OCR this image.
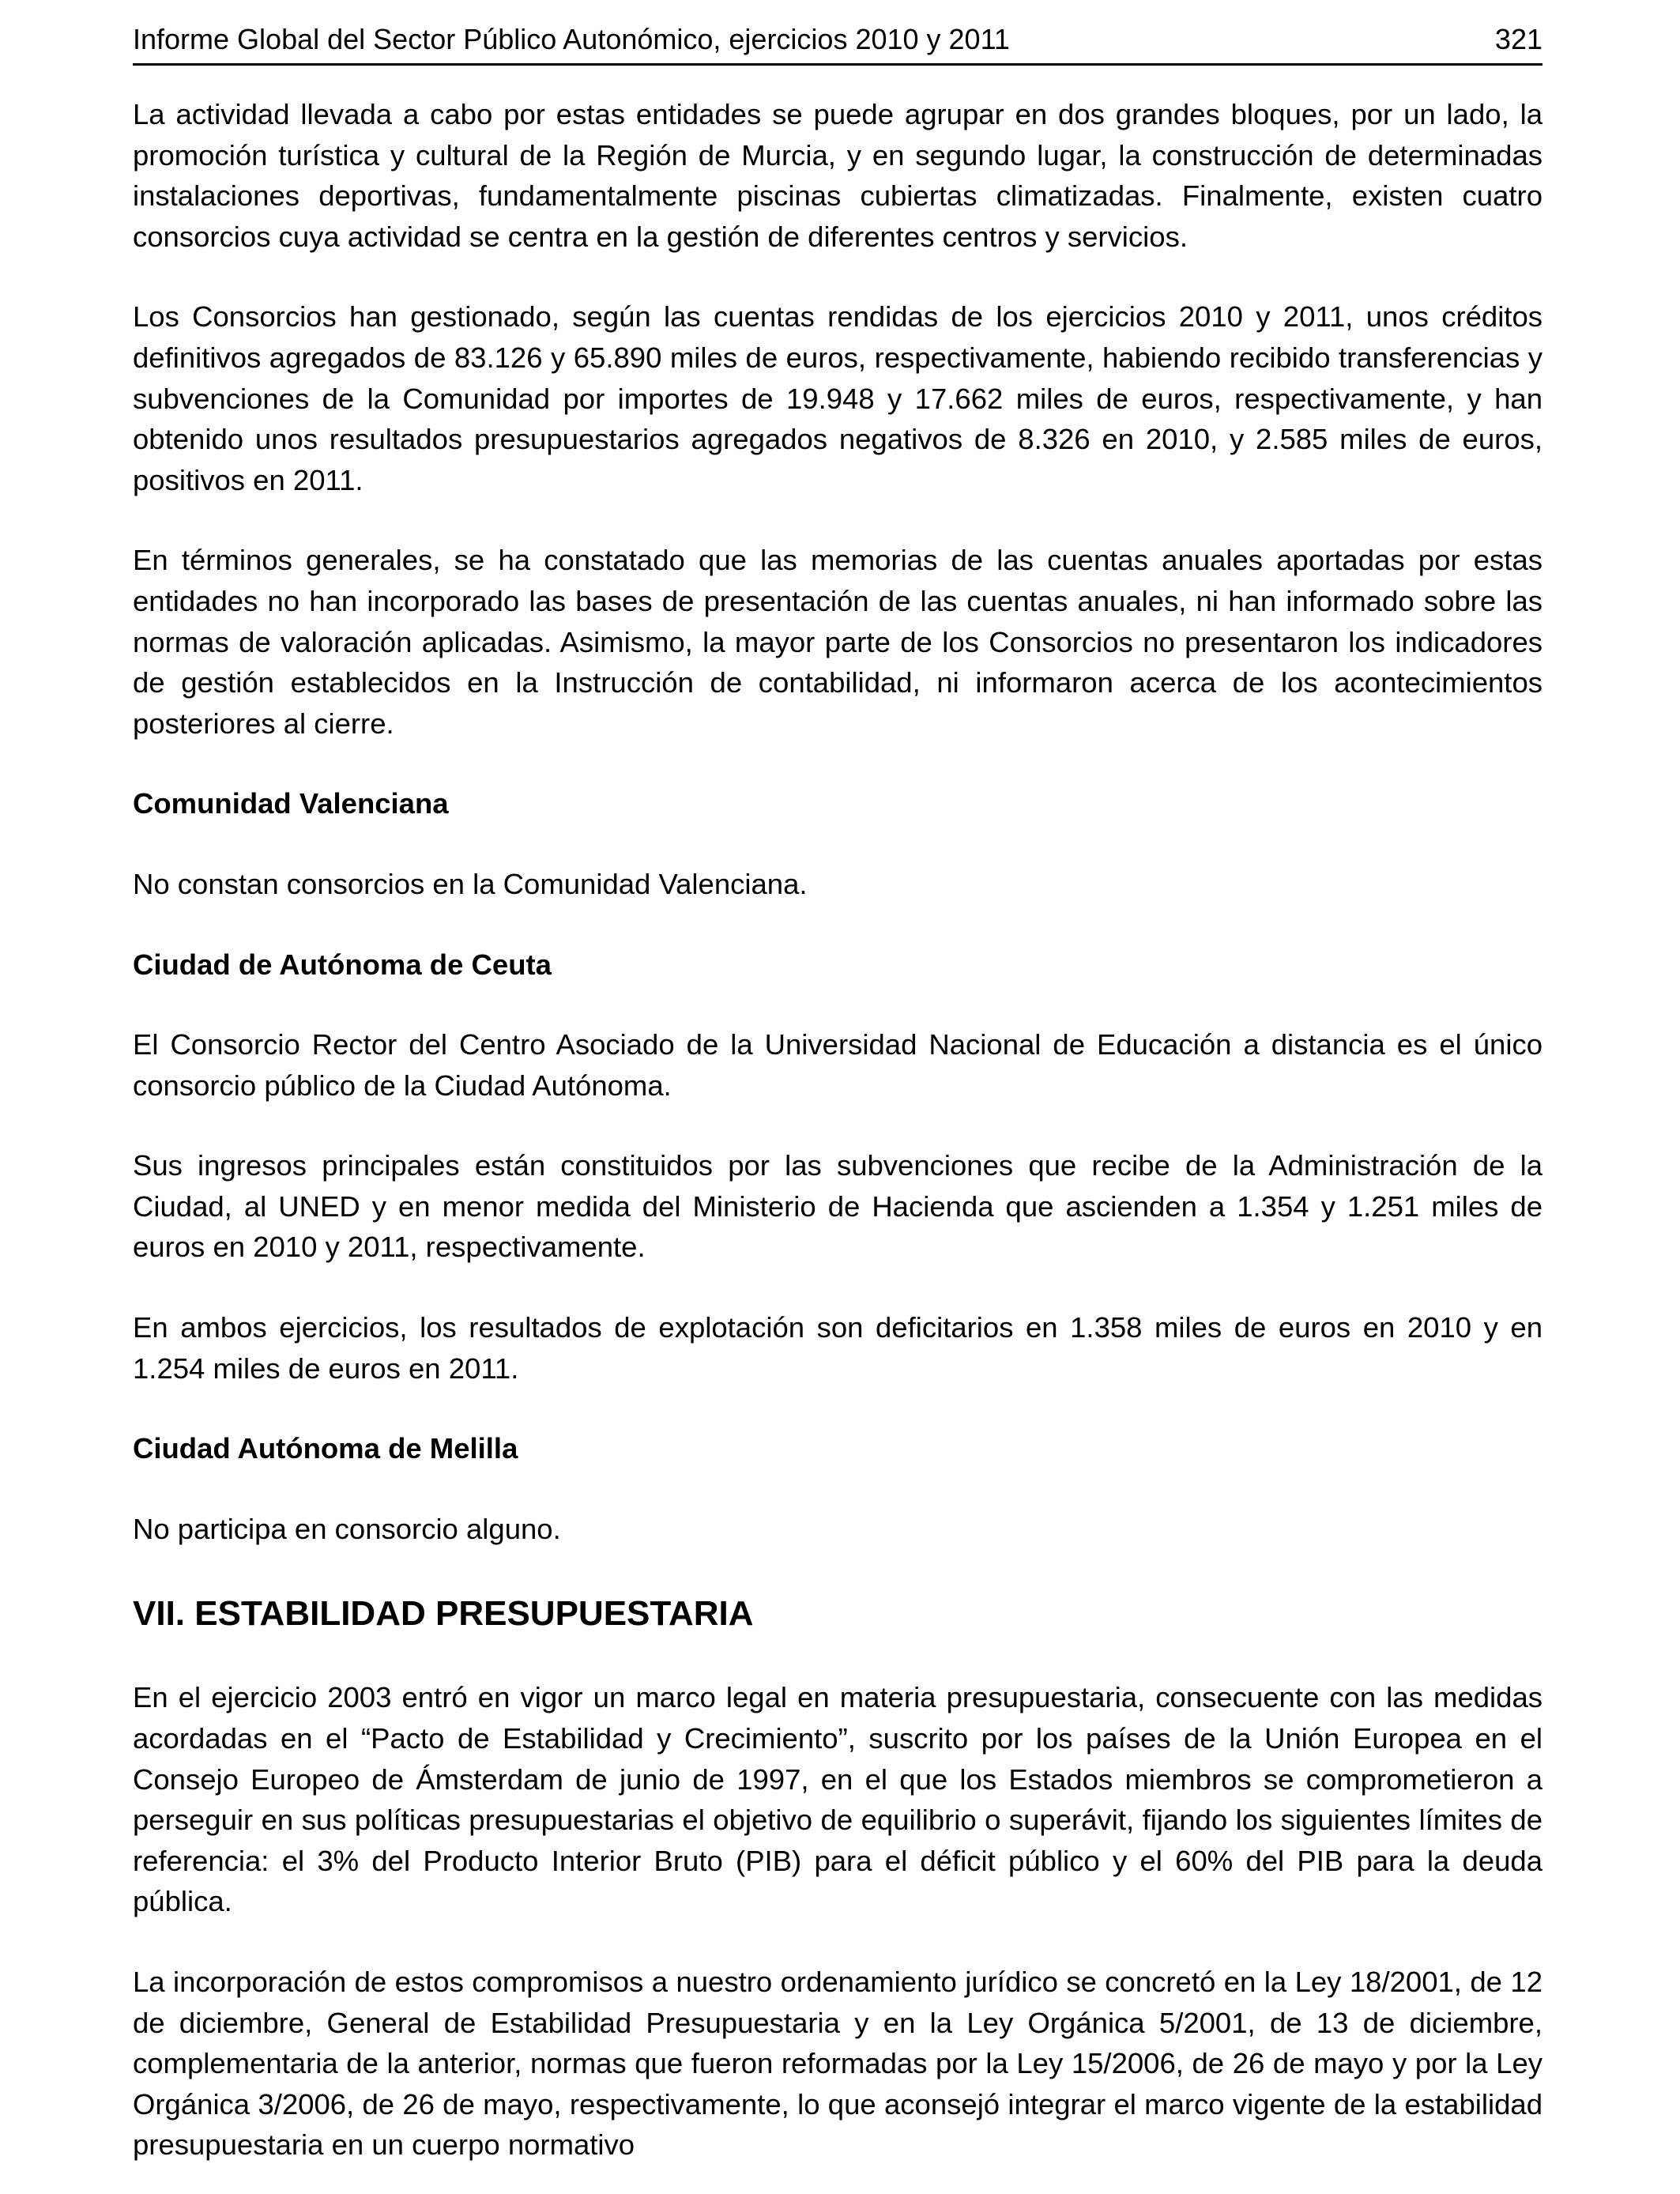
Informe Global del Sector Público Autonómico, ejercicios 2010 y 2011	321

La actividad llevada a cabo por estas entidades se puede agrupar en dos grandes bloques, por un lado, la promoción turística y cultural de la Región de Murcia, y en segundo lugar, la construcción de determinadas instalaciones deportivas, fundamentalmente piscinas cubiertas climatizadas. Finalmente, existen cuatro consorcios cuya actividad se centra en la gestión de diferentes centros y servicios.

Los Consorcios han gestionado, según las cuentas rendidas de los ejercicios 2010 y 2011, unos créditos definitivos agregados de 83.126 y 65.890 miles de euros, respectivamente, habiendo recibido transferencias y subvenciones de la Comunidad por importes de 19.948 y 17.662 miles de euros, respectivamente, y han obtenido unos resultados presupuestarios agregados negativos de 8.326 en 2010, y 2.585 miles de euros, positivos en 2011.

En términos generales, se ha constatado que las memorias de las cuentas anuales aportadas por estas entidades no han incorporado las bases de presentación de las cuentas anuales, ni han informado sobre las normas de valoración aplicadas. Asimismo, la mayor parte de los Consorcios no presentaron los indicadores de gestión establecidos en la Instrucción de contabilidad, ni informaron acerca de los acontecimientos posteriores al cierre.

Comunidad Valenciana

No constan consorcios en la Comunidad Valenciana.

Ciudad de Autónoma de Ceuta

El Consorcio Rector del Centro Asociado de la Universidad Nacional de Educación a distancia es el único consorcio público de la Ciudad Autónoma.

Sus ingresos principales están constituidos por las subvenciones que recibe de la Administración de la Ciudad, al UNED y en menor medida del Ministerio de Hacienda que ascienden a 1.354 y 1.251 miles de euros en 2010 y 2011, respectivamente.

En ambos ejercicios, los resultados de explotación son deficitarios en 1.358 miles de euros en 2010 y en 1.254 miles de euros en 2011.

Ciudad Autónoma de Melilla

No participa en consorcio alguno.

VII. ESTABILIDAD PRESUPUESTARIA

En el ejercicio 2003 entró en vigor un marco legal en materia presupuestaria, consecuente con las medidas acordadas en el “Pacto de Estabilidad y Crecimiento”, suscrito por los países de la Unión Europea en el Consejo Europeo de Ámsterdam de junio de 1997, en el que los Estados miembros se comprometieron a perseguir en sus políticas presupuestarias el objetivo de equilibrio o superávit, fijando los siguientes límites de referencia: el 3% del Producto Interior Bruto (PIB) para el déficit público y el 60% del PIB para la deuda pública.

La incorporación de estos compromisos a nuestro ordenamiento jurídico se concretó en la Ley 18/2001, de 12 de diciembre, General de Estabilidad Presupuestaria y en la Ley Orgánica 5/2001, de 13 de diciembre, complementaria de la anterior, normas que fueron reformadas por la Ley 15/2006, de 26 de mayo y por la Ley Orgánica 3/2006, de 26 de mayo, respectivamente, lo que aconsejó integrar el marco vigente de la estabilidad presupuestaria en un cuerpo normativo
